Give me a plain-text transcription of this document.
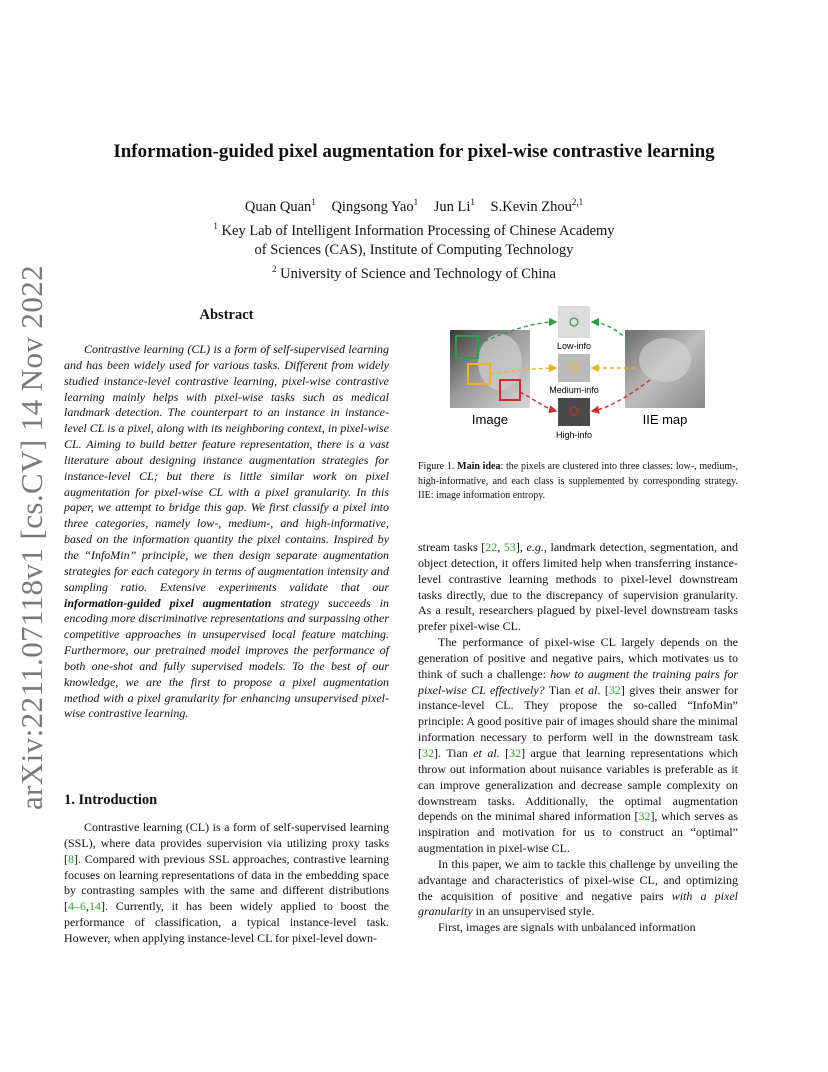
arXiv:2211.07118v1 [cs.CV] 14 Nov 2022
Information-guided pixel augmentation for pixel-wise contrastive learning
Quan Quan$^1$ Qingsong Yao$^1$ Jun Li$^1$ S.Kevin Zhou$^{2,1}$
$^1$ Key Lab of Intelligent Information Processing of Chinese Academy
of Sciences (CAS), Institute of Computing Technology
$^2$ University of Science and Technology of China
Abstract

Contrastive learning (CL) is a form of self-supervised learning and has been widely used for various tasks. Different from widely studied instance-level contrastive learning, pixel-wise contrastive learning mainly helps with pixel-wise tasks such as medical landmark detection. The counterpart to an instance in instance-level CL is a pixel, along with its neighboring context, in pixel-wise CL. Aiming to build better feature representation, there is a vast literature about designing instance augmentation strategies for instance-level CL; but there is little similar work on pixel augmentation for pixel-wise CL with a pixel granularity. In this paper, we attempt to bridge this gap. We first classify a pixel into three categories, namely low-, medium-, and high-informative, based on the information quantity the pixel contains. Inspired by the “InfoMin” principle, we then design separate augmentation strategies for each category in terms of augmentation intensity and sampling ratio. Extensive experiments validate that our information-guided pixel augmentation strategy succeeds in encoding more discriminative representations and surpassing other competitive approaches in unsupervised local feature matching. Furthermore, our pretrained model improves the performance of both one-shot and fully supervised models. To the best of our knowledge, we are the first to propose a pixel augmentation method with a pixel granularity for enhancing unsupervised pixel-wise contrastive learning.

1. Introduction

Contrastive learning (CL) is a form of self-supervised learning (SSL), where data provides supervision via utilizing proxy tasks [8]. Compared with previous SSL approaches, contrastive learning focuses on learning representations of data in the embedding space by contrasting samples with the same and different distributions [4–6,14]. Currently, it has been widely applied to boost the performance of classification, a typical instance-level task. However, when applying instance-level CL for pixel-level down-

Image
Low-info
Medium-info
High-info
IIE map
Figure 1. Main idea: the pixels are clustered into three classes: low-, medium-, high-informative, and each class is supplemented by corresponding strategy. IIE: image information entropy.

stream tasks [22, 53], e.g., landmark detection, segmentation, and object detection, it offers limited help when transferring instance-level contrastive learning methods to pixel-level downstream tasks directly, due to the discrepancy of supervision granularity. As a result, researchers plagued by pixel-level downstream tasks prefer pixel-wise CL.

The performance of pixel-wise CL largely depends on the generation of positive and negative pairs, which motivates us to think of such a challenge: how to augment the training pairs for pixel-wise CL effectively? Tian et al. [32] gives their answer for instance-level CL. They propose the so-called “InfoMin” principle: A good positive pair of images should share the minimal information necessary to perform well in the downstream task [32]. Tian et al. [32] argue that learning representations which throw out information about nuisance variables is preferable as it can improve generalization and decrease sample complexity on downstream tasks. Additionally, the optimal augmentation depends on the minimal shared information [32], which serves as inspiration and motivation for us to construct an “optimal” augmentation in pixel-wise CL.

In this paper, we aim to tackle this challenge by unveiling the advantage and characteristics of pixel-wise CL, and optimizing the acquisition of positive and negative pairs with a pixel granularity in an unsupervised style.

First, images are signals with unbalanced information
